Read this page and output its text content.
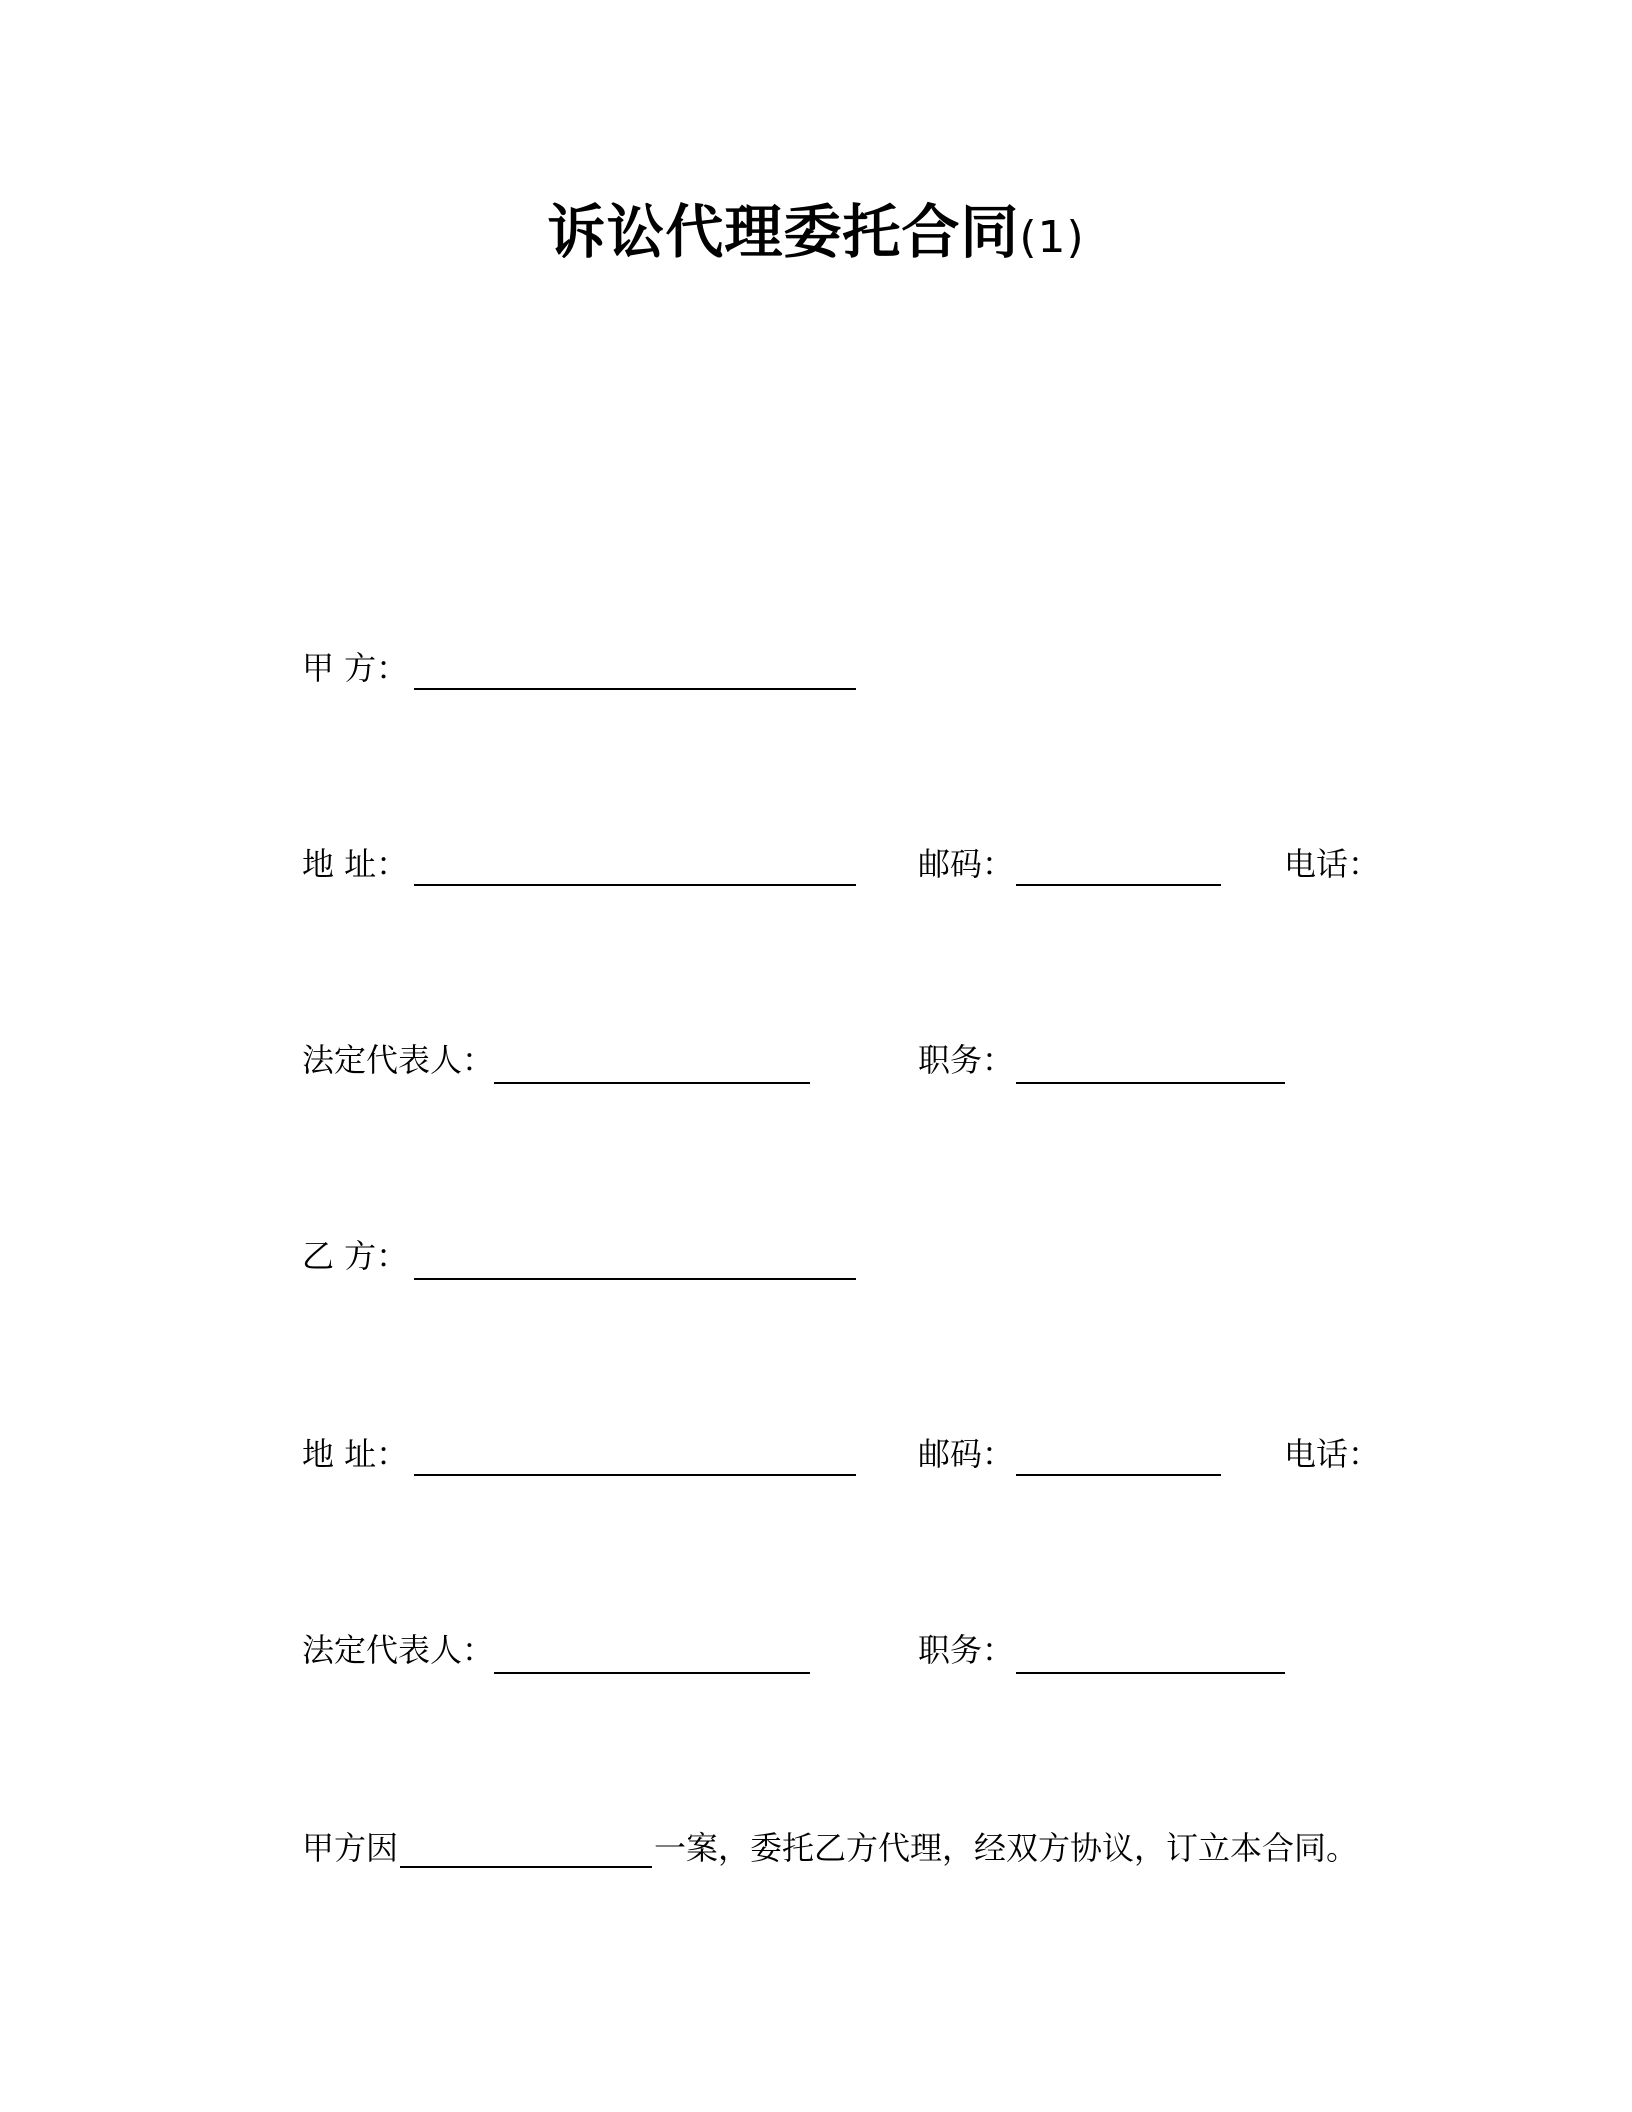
诉讼代理委托合同(1)
甲 方：
地 址：	邮码：	电话：
法定代表人：	职务：
乙 方：
地 址：	邮码：	电话：
法定代表人：	职务：
甲方因	一案，委托乙方代理，经双方协议，订立本合同。
